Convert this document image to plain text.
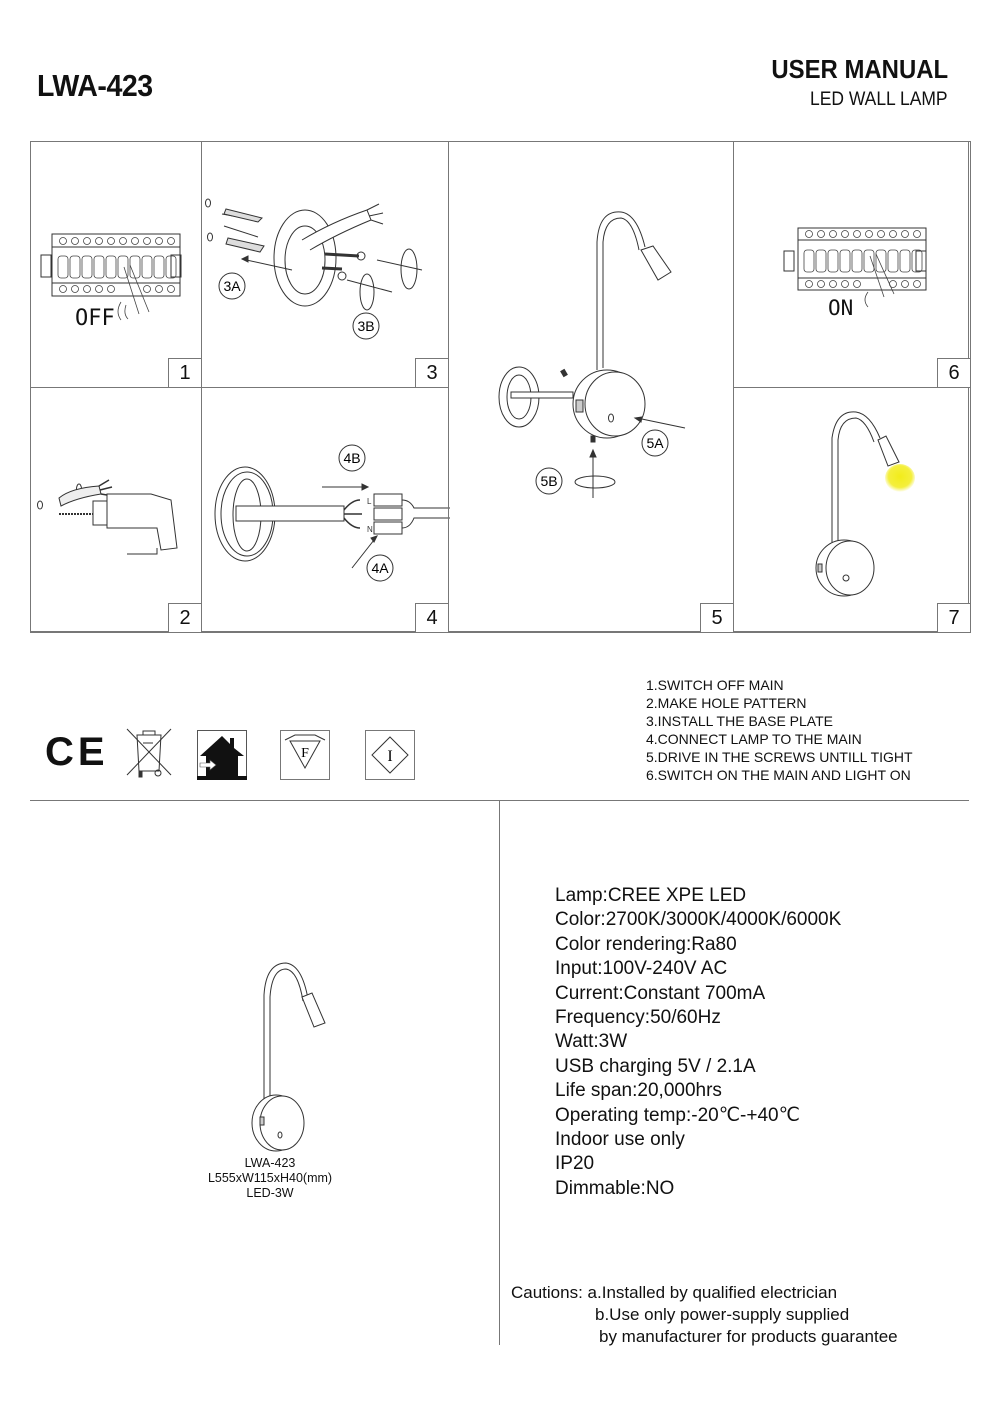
LWA-423	USER MANUAL
LED WALL LAMP
OFF
1
3A
3B
3
2
L
N
4B
4A
4
5A
5B
5
ON
6
7
CE	F	I
1.SWITCH OFF MAIN
2.MAKE HOLE PATTERN
3.INSTALL THE BASE PLATE
4.CONNECT LAMP TO THE MAIN
5.DRIVE IN THE SCREWS UNTILL TIGHT
6.SWITCH ON THE MAIN AND LIGHT ON
LWA-423
L555xW115xH40(mm)
LED-3W
Lamp:CREE XPE LED
Color:2700K/3000K/4000K/6000K
Color rendering:Ra80
Input:100V-240V AC
Current:Constant 700mA
Frequency:50/60Hz
Watt:3W
USB charging 5V / 2.1A
Life span:20,000hrs
Operating temp:-20℃-+40℃
Indoor use only
IP20
Dimmable:NO
Cautions: a.Installed by qualified electrician
b.Use only power-supply supplied
by manufacturer for products guarantee
